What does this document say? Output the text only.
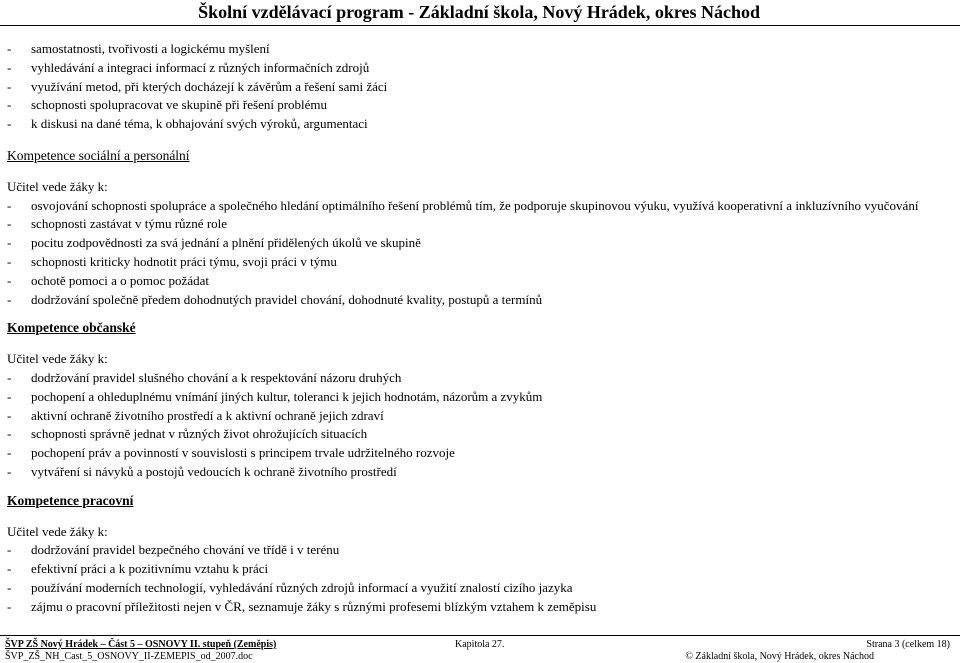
Školní vzdělávací program - Základní škola, Nový Hrádek, okres Náchod
-	samostatnosti, tvořivosti a logickému myšlení
-	vyhledávání a integraci informací z různých informačních zdrojů
-	využívání metod, při kterých docházejí k závěrům a řešení sami žáci
-	schopnosti spolupracovat ve skupině při řešení problému
-	k diskusi na dané téma, k obhajování svých výroků, argumentaci
Kompetence sociální a personální
Učitel vede žáky k:
-	osvojování schopnosti spolupráce a společného hledání optimálního řešení problémů tím, že podporuje skupinovou výuku, využívá kooperativní a inkluzívního vyučování
-	schopnosti zastávat v týmu různé role
-	pocitu zodpovědnosti za svá jednání a plnění přidělených úkolů ve skupině
-	schopnosti kriticky hodnotit práci týmu, svoji práci v týmu
-	ochotě pomoci a o pomoc požádat
-	dodržování společně předem dohodnutých pravidel chování, dohodnuté kvality, postupů a termínů
Kompetence občanské
Učitel vede žáky k:
-	dodržování pravidel slušného chování a k respektování názoru druhých
-	pochopení a ohleduplnému vnímání jiných kultur, toleranci k jejich hodnotám, názorům a zvykům
-	aktivní ochraně životního prostředí a k aktivní ochraně jejich zdraví
-	schopnosti správně jednat v různých život ohrožujících situacích
-	pochopení práv a povinností v souvislosti s principem trvale udržitelného rozvoje
-	vytváření si návyků a postojů vedoucích k ochraně životního prostředí
Kompetence pracovní
Učitel vede žáky k:
-	dodržování pravidel bezpečného chování ve třídě i v terénu
-	efektivní práci a k pozitivnímu vztahu k práci
-	používání moderních technologií, vyhledávání různých zdrojů informací a využití znalostí cizího jazyka
-	zájmu o pracovní příležitosti nejen v ČR, seznamuje žáky s různými profesemi blízkým vztahem k zeměpisu
ŠVP ZŠ Nový Hrádek – Část 5 – OSNOVY II. stupeň (Zeměpis)
ŠVP_ZŠ_NH_Cast_5_OSNOVY_II-ZEMEPIS_od_2007.doc
Kapitola 27.	Strana 3 (celkem 18)
© Základní škola, Nový Hrádek, okres Náchod
